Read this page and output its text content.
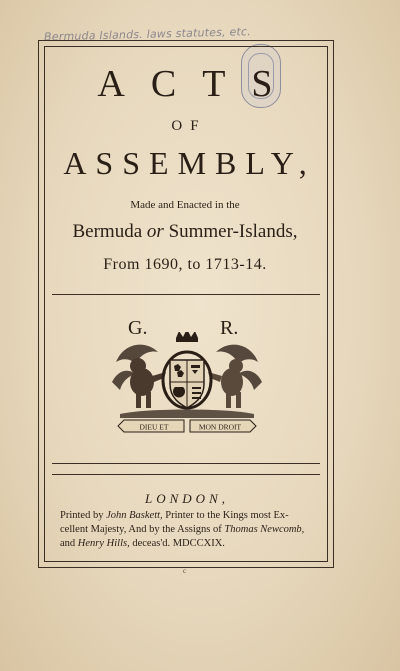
Bermuda Islands. laws statutes, etc.
ACTS
OF
ASSEMBLY,
Made and Enacted in the
Bermuda or Summer-Islands,
From 1690, to 1713-14.
G.	R.
DIEU ET	MON DROIT
LONDON,

Printed by John Baskett, Printer to the Kings most Ex-

cellent Majesty, And by the Assigns of Thomas Newcomb,

and Henry Hills, deceas'd. MDCCXIX.

c
